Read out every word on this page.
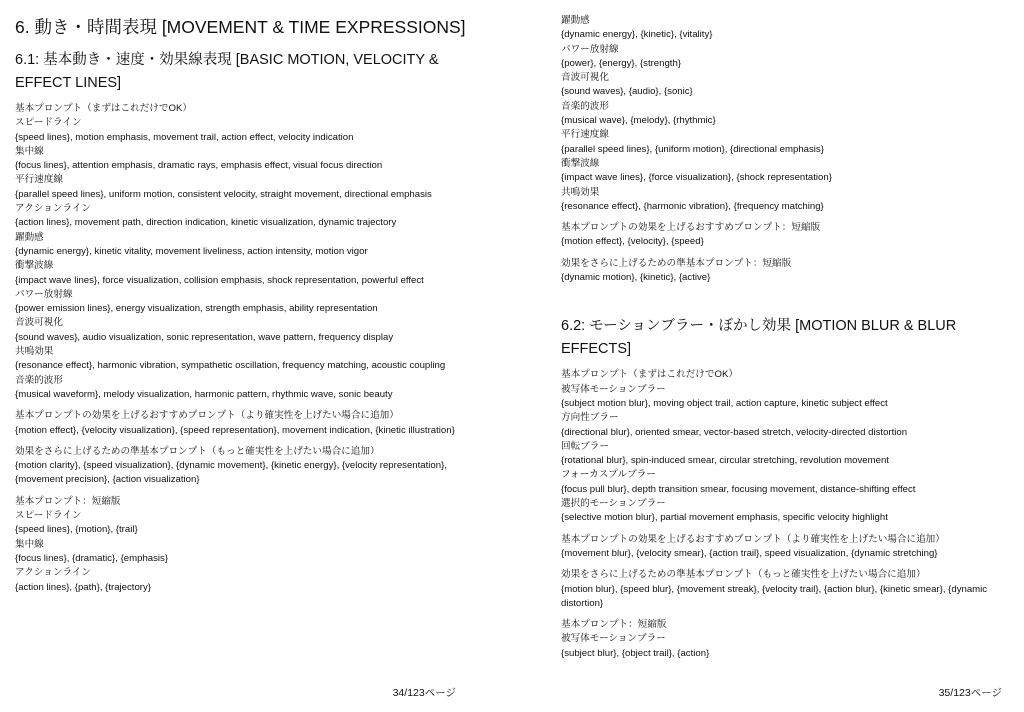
6. 動き・時間表現 [MOVEMENT & TIME EXPRESSIONS]
6.1: 基本動き・速度・効果線表現 [BASIC MOTION, VELOCITY & EFFECT LINES]
基本プロンプト（まずはこれだけでOK）
スピードライン
{speed lines}, motion emphasis, movement trail, action effect, velocity indication
集中線
{focus lines}, attention emphasis, dramatic rays, emphasis effect, visual focus direction
平行速度線
{parallel speed lines}, uniform motion, consistent velocity, straight movement, directional emphasis
アクションライン
{action lines}, movement path, direction indication, kinetic visualization, dynamic trajectory
躍動感
{dynamic energy}, kinetic vitality, movement liveliness, action intensity, motion vigor
衝撃波線
{impact wave lines}, force visualization, collision emphasis, shock representation, powerful effect
パワー放射線
{power emission lines}, energy visualization, strength emphasis, ability representation
音波可視化
{sound waves}, audio visualization, sonic representation, wave pattern, frequency display
共鳴効果
{resonance effect}, harmonic vibration, sympathetic oscillation, frequency matching, acoustic coupling
音楽的波形
{musical waveform}, melody visualization, harmonic pattern, rhythmic wave, sonic beauty
基本プロンプトの効果を上げるおすすめプロンプト（より確実性を上げたい場合に追加）
{motion effect}, {velocity visualization}, {speed representation}, movement indication, {kinetic illustration}
効果をさらに上げるための準基本プロンプト（もっと確実性を上げたい場合に追加）
{motion clarity}, {speed visualization}, {dynamic movement}, {kinetic energy}, {velocity representation}, {movement precision}, {action visualization}
基本プロンプト：短縮版
スピードライン
{speed lines}, {motion}, {trail}
集中線
{focus lines}, {dramatic}, {emphasis}
アクションライン
{action lines}, {path}, {trajectory}
34/123ページ
躍動感
{dynamic energy}, {kinetic}, {vitality}
パワー放射線
{power}, {energy}, {strength}
音波可視化
{sound waves}, {audio}, {sonic}
音楽的波形
{musical wave}, {melody}, {rhythmic}
平行速度線
{parallel speed lines}, {uniform motion}, {directional emphasis}
衝撃波線
{impact wave lines}, {force visualization}, {shock representation}
共鳴効果
{resonance effect}, {harmonic vibration}, {frequency matching}
基本プロンプトの効果を上げるおすすめプロンプト：短縮版
{motion effect}, {velocity}, {speed}
効果をさらに上げるための準基本プロンプト：短縮版
{dynamic motion}, {kinetic}, {active}
6.2: モーションブラー・ぼかし効果 [MOTION BLUR & BLUR EFFECTS]
基本プロンプト（まずはこれだけでOK）
被写体モーションブラー
{subject motion blur}, moving object trail, action capture, kinetic subject effect
方向性ブラー
{directional blur}, oriented smear, vector-based stretch, velocity-directed distortion
回転ブラー
{rotational blur}, spin-induced smear, circular stretching, revolution movement
フォーカスプルブラー
{focus pull blur}, depth transition smear, focusing movement, distance-shifting effect
選択的モーションブラー
{selective motion blur}, partial movement emphasis, specific velocity highlight
基本プロンプトの効果を上げるおすすめプロンプト（より確実性を上げたい場合に追加）
{movement blur}, {velocity smear}, {action trail}, speed visualization, {dynamic stretching}
効果をさらに上げるための準基本プロンプト（もっと確実性を上げたい場合に追加）
{motion blur}, {speed blur}, {movement streak}, {velocity trail}, {action blur}, {kinetic smear}, {dynamic distortion}
基本プロンプト：短縮版
被写体モーションブラー
{subject blur}, {object trail}, {action}
35/123ページ
